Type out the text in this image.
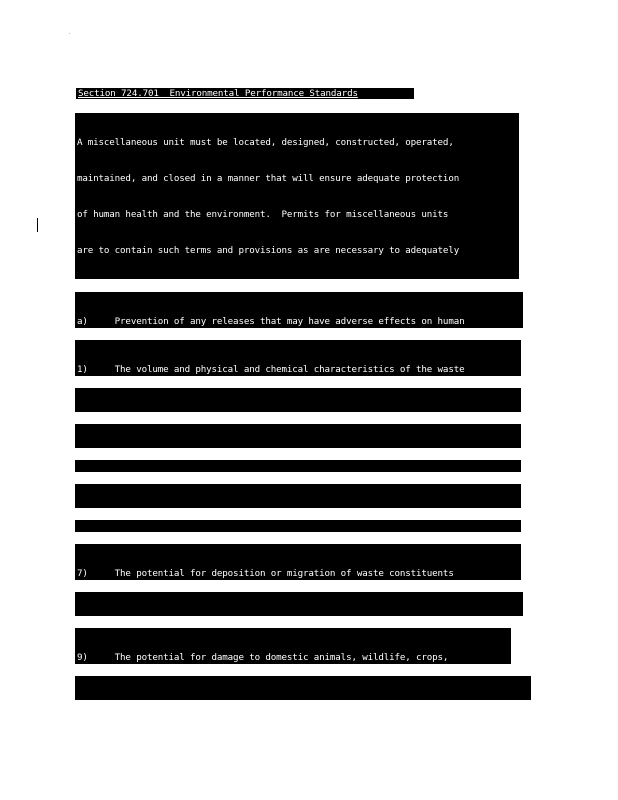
Section 724.701  Environmental Performance Standards

A miscellaneous unit must be located, designed, constructed, operated,

maintained, and closed in a manner that will ensure adequate protection

of human health and the environment.  Permits for miscellaneous units

are to contain such terms and provisions as are necessary to adequately

a)     Prevention of any releases that may have adverse effects on human

1)     The volume and physical and chemical characteristics of the waste

7)     The potential for deposition or migration of waste constituents

9)     The potential for damage to domestic animals, wildlife, crops,
